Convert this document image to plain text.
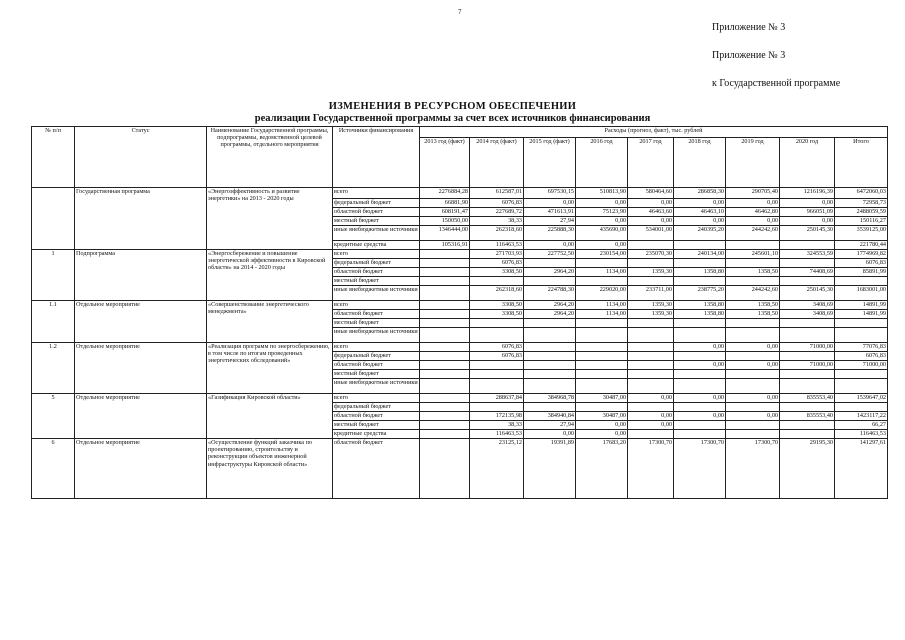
7
Приложение № 3
Приложение № 3
к Государственной программе
ИЗМЕНЕНИЯ В РЕСУРСНОМ ОБЕСПЕЧЕНИИ
реализации Государственной программы за счет всех источников финансирования
№ п/п	Статус	Наименование Государственной программы, подпрограммы, ведомственной целевой программы, отдельного мероприятия	Источники финансирования	Расходы (прогноз, факт), тыс. рублей								
				2013 год (факт)	2014 год (факт)	2015 год (факт)	2016 год	2017 год	2018 год	2019 год	2020 год	Итого
	Государственная программа	«Энергоэффективность и развитие энергетики» на 2013 - 2020 годы	всего	2276884,28	612587,01	697530,15	510813,90	580464,60	286858,30	290705,40	1216196,39	6472060,03
			федеральный бюджет	66881,90	6076,83	0,00	0,00	0,00	0,00	0,00	0,00	72958,73
			областной бюджет	608191,47	227689,72	471613,91	75123,90	46463,60	46463,10	46462,80	966051,09	2488059,59
			местный бюджет	150050,00	38,33	27,94	0,00	0,00	0,00	0,00	0,00	150116,27
			иные внебюджетные источники	1346444,00	262318,60	225888,30	435690,00	534001,00	240395,20	244242,60	250145,30	3539125,00
			кредитные средства	105316,91	116463,53	0,00	0,00					221780,44
1	Подпрограмма	«Энергосбережение и повышение энергетической эффективности в Кировской области» на 2014 - 2020 годы	всего		271703,93	227752,50	230154,00	235070,30	240134,00	245601,10	324553,59	1774969,82
			федеральный бюджет		6076,83							6076,83
			областной бюджет		3308,50	2964,20	1134,00	1359,30	1358,80	1358,50	74408,69	85891,99
			местный бюджет									
			иные внебюджетные источники		262318,60	224788,30	229020,00	233711,00	238775,20	244242,60	250145,30	1683001,00
1.1	Отдельное мероприятие	«Совершенствование энергетического менеджмента»	всего		3308,50	2964,20	1134,00	1359,30	1358,80	1358,50	3408,69	14891,99
			областной бюджет		3308,50	2964,20	1134,00	1359,30	1358,80	1358,50	3408,69	14891,99
			местный бюджет									
			иные внебюджетные источники									
1.2	Отдельное мероприятие	«Реализация программ по энергосбережению, в том числе по итогам проведенных энергетических обследований»	всего		6076,83				0,00	0,00	71000,00	77076,83
			федеральный бюджет		6076,83							6076,83
			областной бюджет						0,00	0,00	71000,00	71000,00
			местный бюджет									
			иные внебюджетные источники									
5	Отдельное мероприятие	«Газификация Кировской области»	всего		288637,84	384968,78	30487,00	0,00	0,00	0,00	835553,40	1539647,02
			федеральный бюджет									
			областной бюджет		172135,98	384940,84	30487,00	0,00	0,00	0,00	835553,40	1423117,22
			местный бюджет		38,33	27,94	0,00	0,00				66,27
			кредитные средства		116463,53	0,00	0,00					116463,53
6	Отдельное мероприятие	«Осуществление функций заказчика по проектированию, строительству и реконструкции объектов инженерной инфраструктуры Кировской области»	областной бюджет		23125,12	19391,89	17683,20	17300,70	17300,70	17300,70	29195,30	141297,61
